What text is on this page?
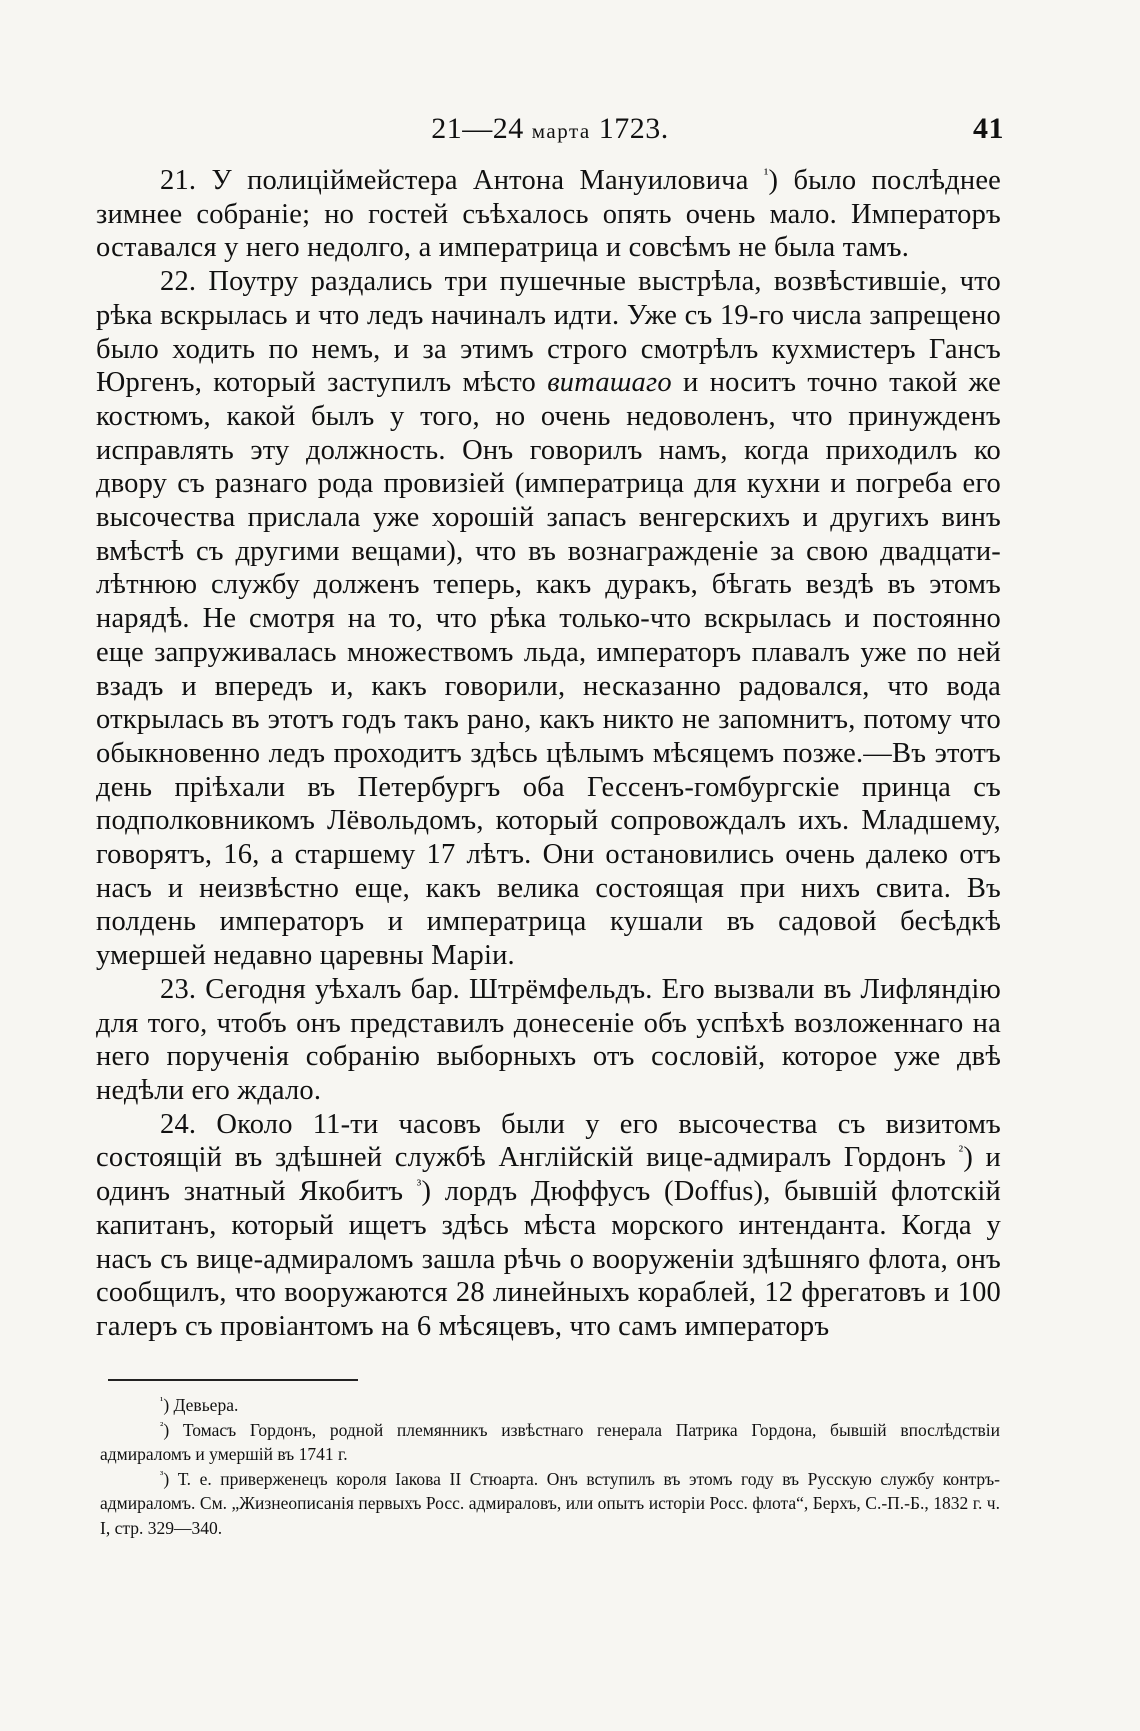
21—24 марта 1723.	41

21. У полиціймейстера Антона Мануиловича $^{^1}$) было послѣднее зимнее собраніе; но гостей съѣхалось опять очень мало. Императоръ оставался у него недолго, а императрица и совсѣмъ не была тамъ.

22. Поутру раздались три пушечные выстрѣла, возвѣстившіе, что рѣка вскрылась и что ледъ начиналъ идти. Уже съ 19-го числа запрещено было ходить по немъ, и за этимъ строго смотрѣлъ кухмистеръ Гансъ Юргенъ, который заступилъ мѣсто виташаго и носитъ точно такой же костюмъ, какой былъ у того, но очень недоволенъ, что принужденъ исправлять эту должность. Онъ говорилъ намъ, когда приходилъ ко двору съ разнаго рода провизіей (императрица для кухни и погреба его высочества прислала уже хорошій запасъ венгерскихъ и другихъ винъ вмѣстѣ съ другими вещами), что въ вознагражденіе за свою двадцати-лѣтнюю службу долженъ теперь, какъ дуракъ, бѣгать вездѣ въ этомъ нарядѣ. Не смотря на то, что рѣка только-что вскрылась и постоянно еще запруживалась множествомъ льда, императоръ плавалъ уже по ней взадъ и впередъ и, какъ говорили, несказанно радовался, что вода открылась въ этотъ годъ такъ рано, какъ никто не запомнитъ, потому что обыкновенно ледъ проходитъ здѣсь цѣлымъ мѣсяцемъ позже.—Въ этотъ день пріѣхали въ Петербургъ оба Гессенъ-гомбургскіе принца съ подполковникомъ Лёвольдомъ, который сопровождалъ ихъ. Младшему, говорятъ, 16, а старшему 17 лѣтъ. Они остановились очень далеко отъ насъ и неизвѣстно еще, какъ велика состоящая при нихъ свита. Въ полдень императоръ и императрица кушали въ садовой бесѣдкѣ умершей недавно царевны Маріи.

23. Сегодня уѣхалъ бар. Штрёмфельдъ. Его вызвали въ Лифляндію для того, чтобъ онъ представилъ донесеніе объ успѣхѣ возложеннаго на него порученія собранію выборныхъ отъ сословій, которое уже двѣ недѣли его ждало.

24. Около 11-ти часовъ были у его высочества съ визитомъ состоящій въ здѣшней службѣ Англійскій вице-адмиралъ Гордонъ $^{^2}$) и одинъ знатный Якобитъ $^{^3}$) лордъ Дюффусъ (Doffus), бывшій флотскій капитанъ, который ищетъ здѣсь мѣста морского интенданта. Когда у насъ съ вице-адмираломъ зашла рѣчь о вооруженіи здѣшняго флота, онъ сообщилъ, что вооружаются 28 линейныхъ кораблей, 12 фрегатовъ и 100 галеръ съ провіантомъ на 6 мѣсяцевъ, что самъ императоръ

$^{^1}$) Девьера.

$^{^2}$) Томасъ Гордонъ, родной племянникъ извѣстнаго генерала Патрика Гордона, бывшій впослѣдствіи адмираломъ и умершій въ 1741 г.

$^{^3}$) Т. е. приверженецъ короля Іакова II Стюарта. Онъ вступилъ въ этомъ году въ Русскую службу контръ-адмираломъ. См. „Жизнеописанія первыхъ Росс. адмираловъ, или опытъ исторіи Росс. флота“, Берхъ, С.-П.-Б., 1832 г. ч. I, стр. 329—340.
